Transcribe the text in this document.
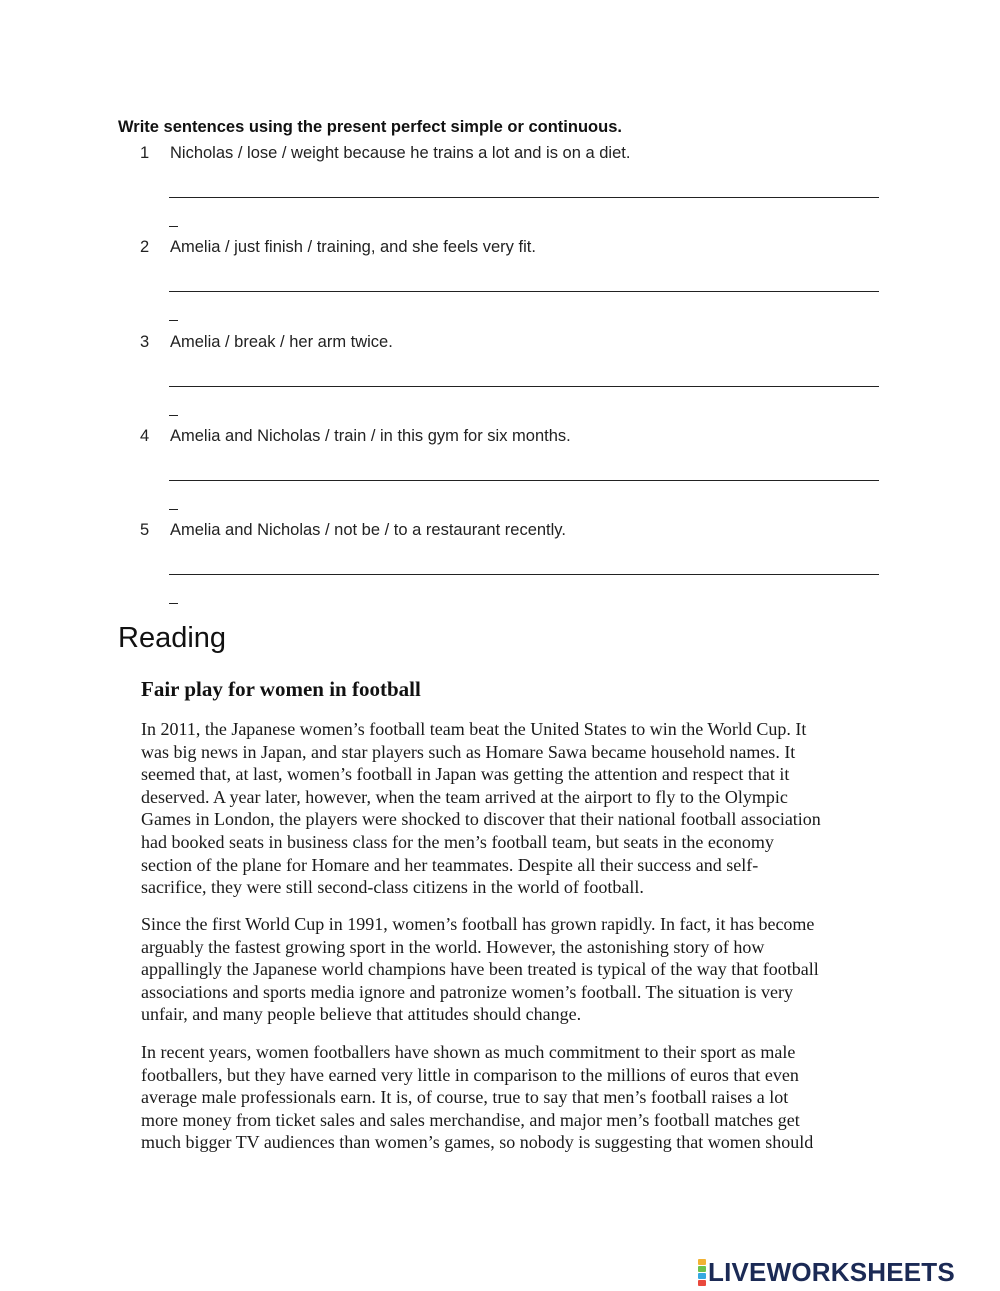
Write sentences using the present perfect simple or continuous.
1 Nicholas / lose / weight because he trains a lot and is on a diet.
2 Amelia / just finish / training, and she feels very fit.
3 Amelia / break / her arm twice.
4 Amelia and Nicholas / train / in this gym for six months.
5 Amelia and Nicholas / not be / to a restaurant recently.
Reading
Fair play for women in football
In 2011, the Japanese women’s football team beat the United States to win the World Cup. It
was big news in Japan, and star players such as Homare Sawa became household names. It
seemed that, at last, women’s football in Japan was getting the attention and respect that it
deserved. A year later, however, when the team arrived at the airport to fly to the Olympic
Games in London, the players were shocked to discover that their national football association
had booked seats in business class for the men’s football team, but seats in the economy
section of the plane for Homare and her teammates. Despite all their success and self-
sacrifice, they were still second-class citizens in the world of football.
Since the first World Cup in 1991, women’s football has grown rapidly. In fact, it has become
arguably the fastest growing sport in the world. However, the astonishing story of how
appallingly the Japanese world champions have been treated is typical of the way that football
associations and sports media ignore and patronize women’s football. The situation is very
unfair, and many people believe that attitudes should change.
In recent years, women footballers have shown as much commitment to their sport as male
footballers, but they have earned very little in comparison to the millions of euros that even
average male professionals earn. It is, of course, true to say that men’s football raises a lot
more money from ticket sales and sales merchandise, and major men’s football matches get
much bigger TV audiences than women’s games, so nobody is suggesting that women should
LIVEWORKSHEETS
